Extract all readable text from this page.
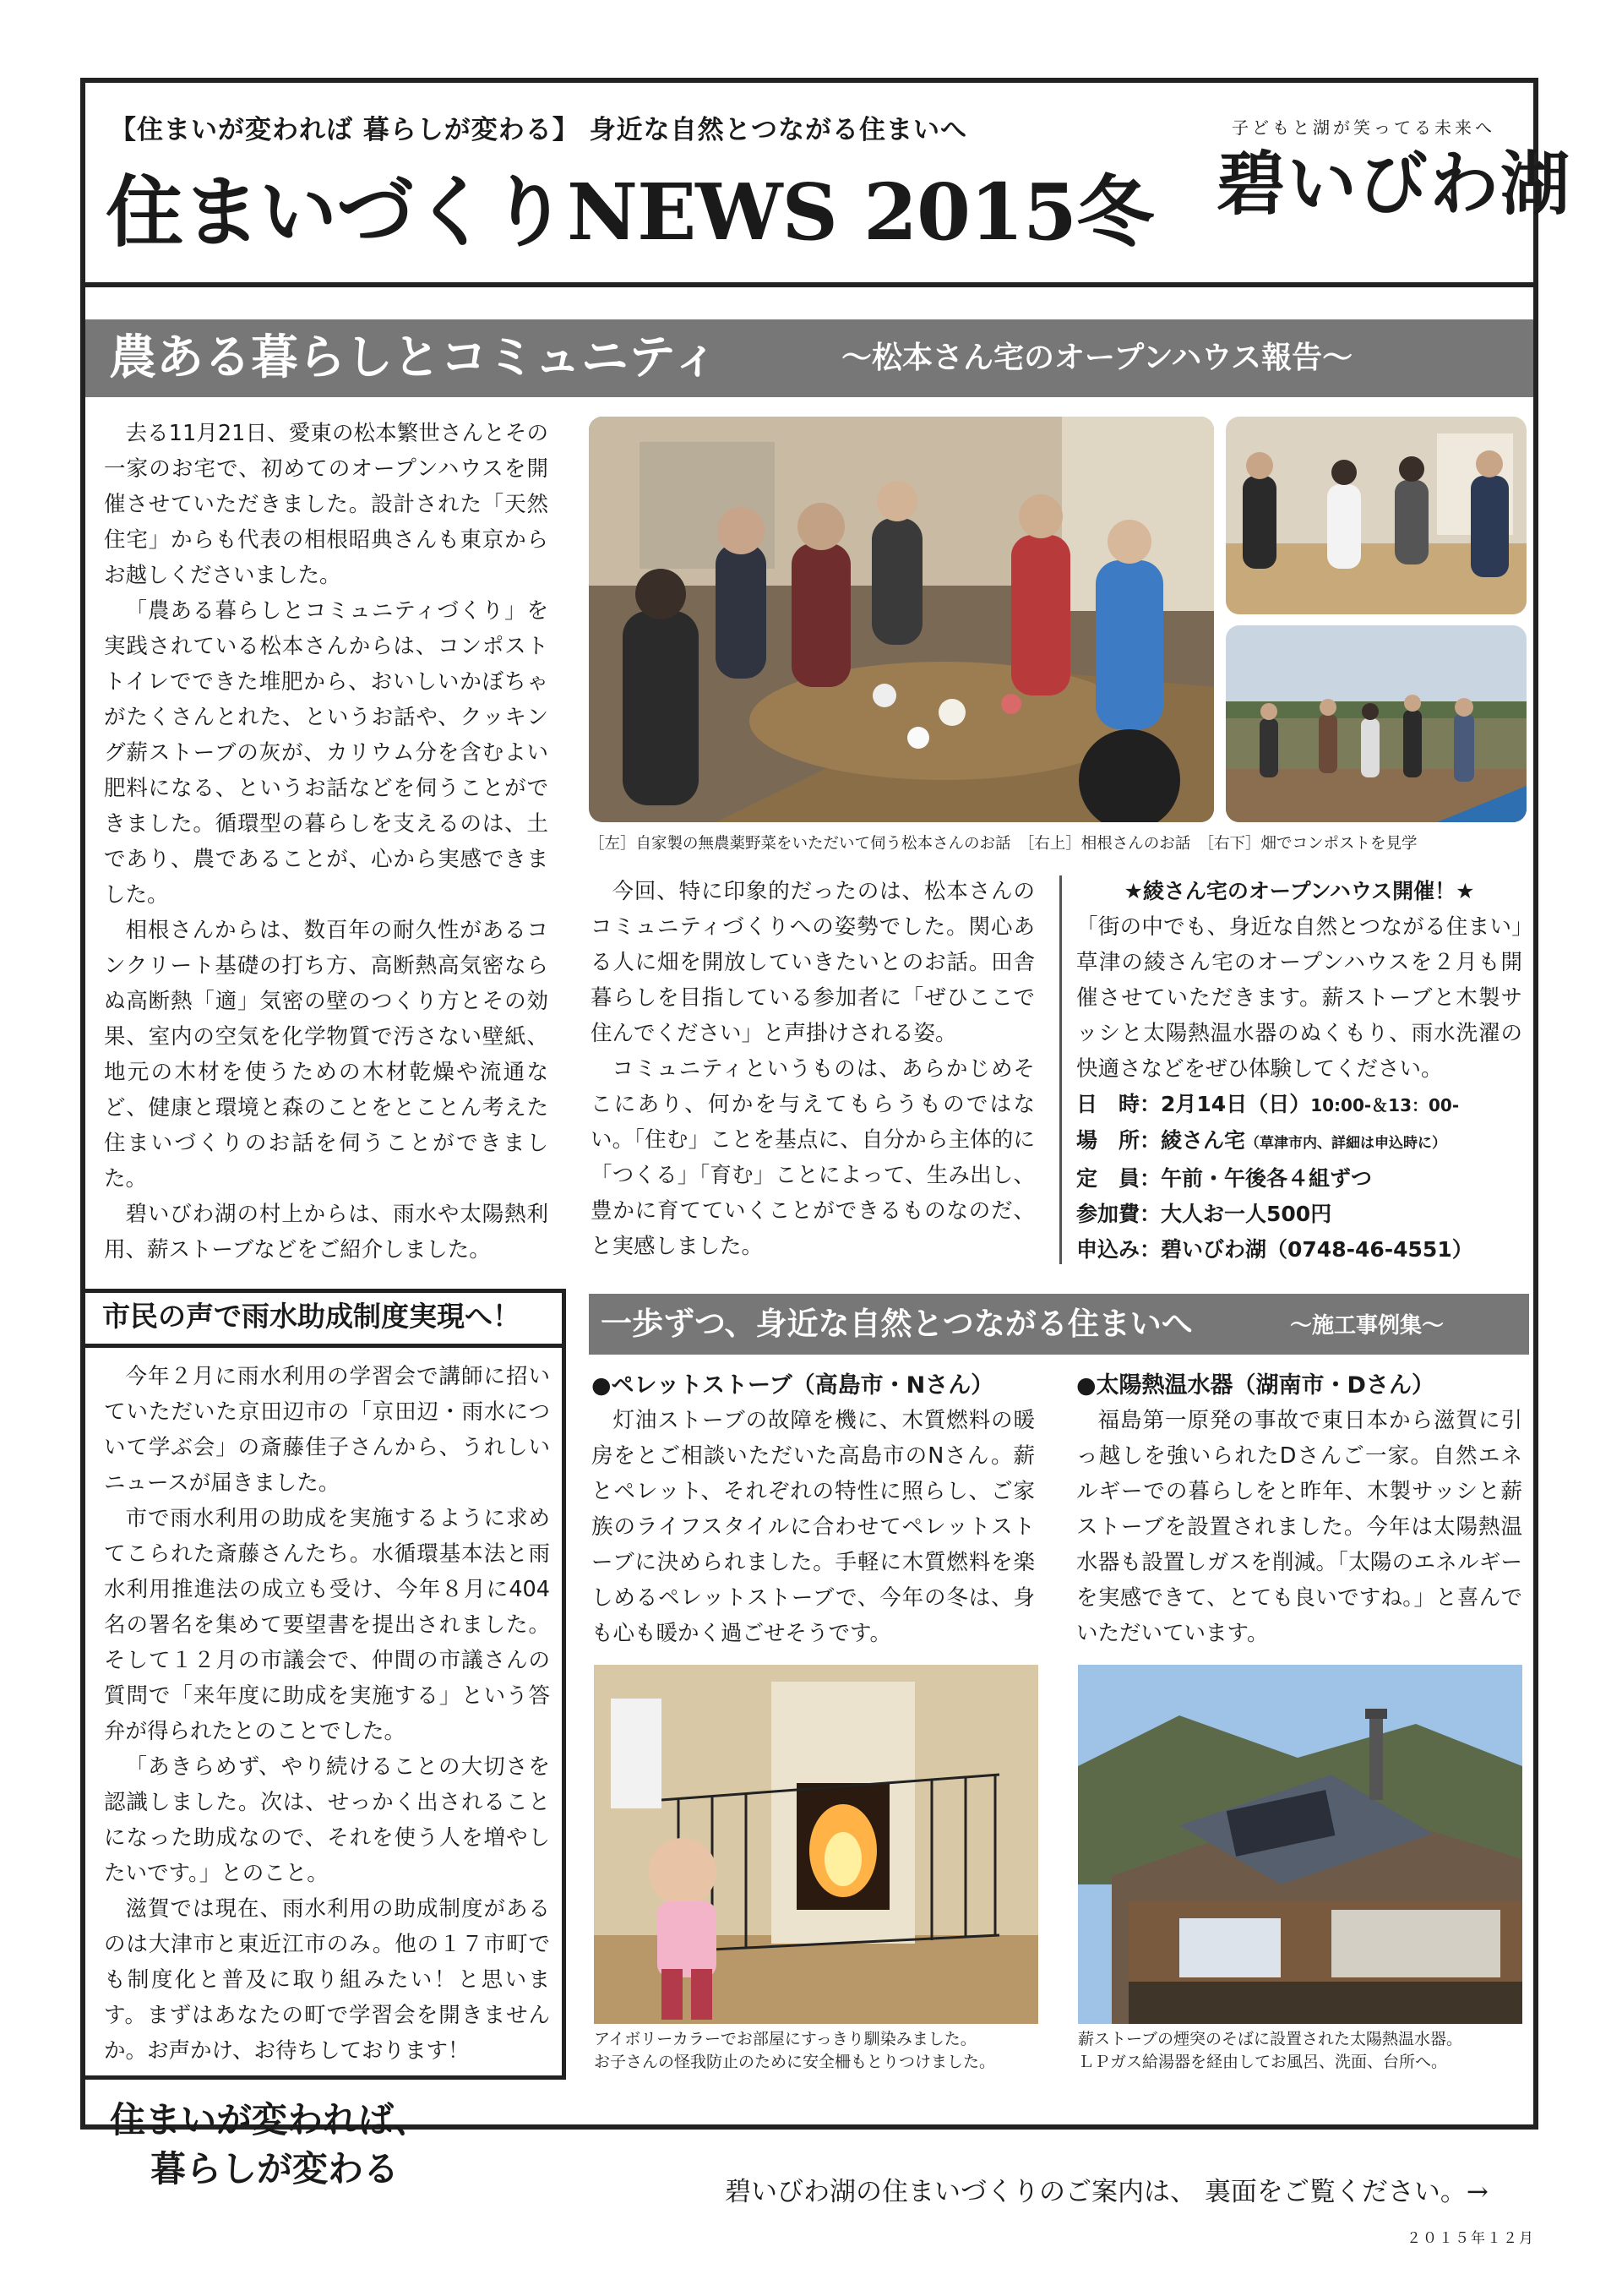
【住まいが変われば 暮らしが変わる】 身近な自然とつながる住まいへ
住まいづくりNEWS 2015冬
子どもと湖が笑ってる未来へ
碧いびわ湖
農ある暮らしとコミュニティ	〜松本さん宅のオープンハウス報告〜

去る11月21日、愛東の松本繁世さんとその一家のお宅で、初めてのオープンハウスを開催させていただきました。設計された「天然住宅」からも代表の相根昭典さんも東京からお越しくださいました。

「農ある暮らしとコミュニティづくり」を実践されている松本さんからは、コンポストトイレでできた堆肥から、おいしいかぼちゃがたくさんとれた、というお話や、クッキング薪ストーブの灰が、カリウム分を含むよい肥料になる、というお話などを伺うことができました。循環型の暮らしを支えるのは、土であり、農であることが、心から実感できました。

相根さんからは、数百年の耐久性があるコンクリート基礎の打ち方、高断熱高気密ならぬ高断熱「適」気密の壁のつくり方とその効果、室内の空気を化学物質で汚さない壁紙、地元の木材を使うための木材乾燥や流通など、健康と環境と森のことをとことん考えた住まいづくりのお話を伺うことができました。

碧いびわ湖の村上からは、雨水や太陽熱利用、薪ストーブなどをご紹介しました。

［左］自家製の無農薬野菜をいただいて伺う松本さんのお話　［右上］相根さんのお話　［右下］畑でコンポストを見学

今回、特に印象的だったのは、松本さんのコミュニティづくりへの姿勢でした。関心ある人に畑を開放していきたいとのお話。田舎暮らしを目指している参加者に「ぜひここで住んでください」と声掛けされる姿。

コミュニティというものは、あらかじめそこにあり、何かを与えてもらうものではない。「住む」ことを基点に、自分から主体的に「つくる」「育む」ことによって、生み出し、豊かに育てていくことができるものなのだ、と実感しました。

★綾さん宅のオープンハウス開催！★

「街の中でも、身近な自然とつながる住まい」草津の綾さん宅のオープンハウスを２月も開催させていただきます。薪ストーブと木製サッシと太陽熱温水器のぬくもり、雨水洗濯の快適さなどをぜひ体験してください。

日　時：2月14日（日）10:00-＆13：00-
場　所：綾さん宅（草津市内、詳細は申込時に）
定　員：午前・午後各４組ずつ
参加費：大人お一人500円
申込み：碧いびわ湖（0748-46-4551）
市民の声で雨水助成制度実現へ！

今年２月に雨水利用の学習会で講師に招いていただいた京田辺市の「京田辺・雨水について学ぶ会」の斎藤佳子さんから、うれしいニュースが届きました。

市で雨水利用の助成を実施するように求めてこられた斎藤さんたち。水循環基本法と雨水利用推進法の成立も受け、今年８月に404名の署名を集めて要望書を提出されました。そして１２月の市議会で、仲間の市議さんの質問で「来年度に助成を実施する」という答弁が得られたとのことでした。

「あきらめず、やり続けることの大切さを認識しました。次は、せっかく出されることになった助成なので、それを使う人を増やしたいです。」とのこと。

滋賀では現在、雨水利用の助成制度があるのは大津市と東近江市のみ。他の１７市町でも制度化と普及に取り組みたい！と思います。まずはあなたの町で学習会を開きませんか。お声かけ、お待ちしております！

一歩ずつ、身近な自然とつながる住まいへ	〜施工事例集〜
●ペレットストーブ（高島市・Nさん）

灯油ストーブの故障を機に、木質燃料の暖房をとご相談いただいた高島市のNさん。薪とペレット、それぞれの特性に照らし、ご家族のライフスタイルに合わせてペレットストーブに決められました。手軽に木質燃料を楽しめるペレットストーブで、今年の冬は、身も心も暖かく過ごせそうです。

アイボリーカラーでお部屋にすっきり馴染みました。
お子さんの怪我防止のために安全柵もとりつけました。
●太陽熱温水器（湖南市・Dさん）

福島第一原発の事故で東日本から滋賀に引っ越しを強いられたDさんご一家。自然エネルギーでの暮らしをと昨年、木製サッシと薪ストーブを設置されました。今年は太陽熱温水器も設置しガスを削減。「太陽のエネルギーを実感できて、とても良いですね。」と喜んでいただいています。

薪ストーブの煙突のそばに設置された太陽熱温水器。
ＬＰガス給湯器を経由してお風呂、洗面、台所へ。
住まいが変われば、
暮らしが変わる
碧いびわ湖の住まいづくりのご案内は、 裏面をご覧ください。→
２０１５年１２月
